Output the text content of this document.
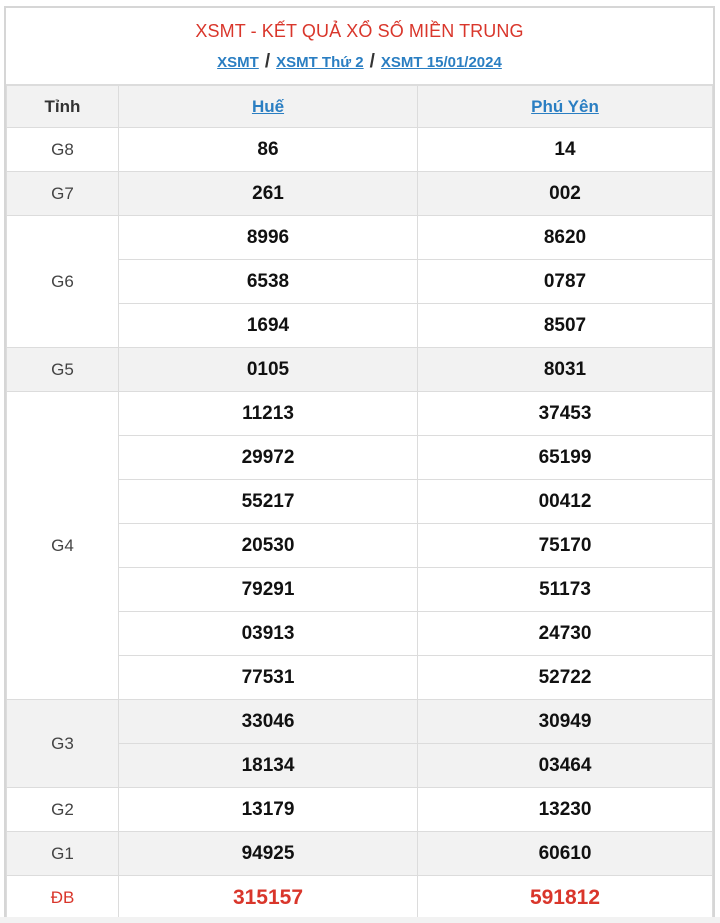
XSMT - KẾT QUẢ XỔ SỐ MIỀN TRUNG
XSMT / XSMT Thứ 2 / XSMT 15/01/2024
Tỉnh	Huế	Phú Yên
G8	86	14
G7	261	002
G6	8996	8620
	6538	0787
	1694	8507
G5	0105	8031
G4	11213	37453
	29972	65199
	55217	00412
	20530	75170
	79291	51173
	03913	24730
	77531	52722
G3	33046	30949
	18134	03464
G2	13179	13230
G1	94925	60610
ĐB	315157	591812
